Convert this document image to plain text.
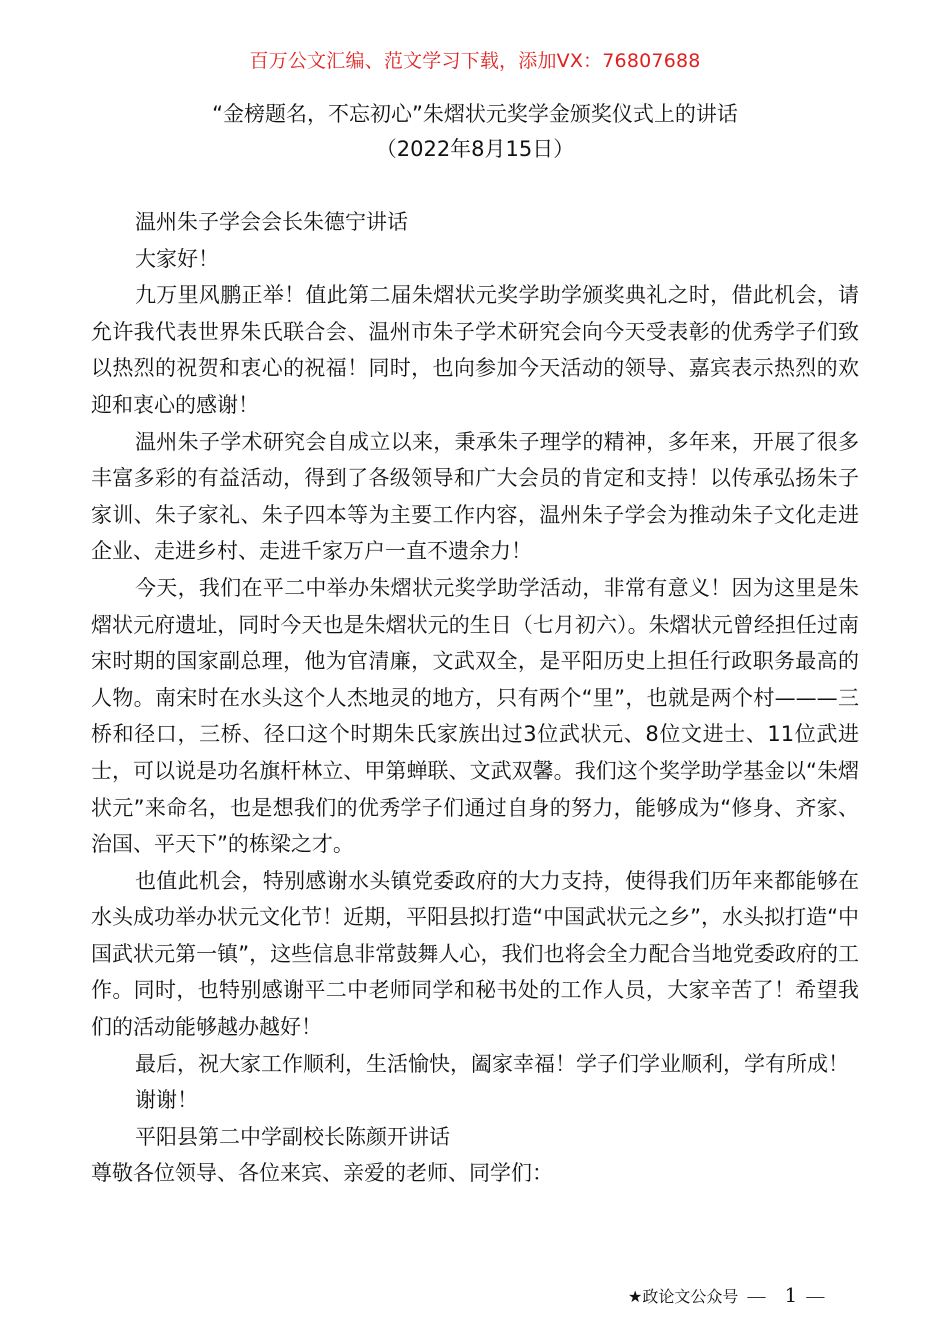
百万公文汇编、范文学习下载，添加VX：76807688
“金榜题名，不忘初心”朱熠状元奖学金颁奖仪式上的讲话
（2022年8月15日）

温州朱子学会会长朱德宁讲话

大家好！

九万里风鹏正举！值此第二届朱熠状元奖学助学颁奖典礼之时，借此机会，请允许我代表世界朱氏联合会、温州市朱子学术研究会向今天受表彰的优秀学子们致以热烈的祝贺和衷心的祝福！同时，也向参加今天活动的领导、嘉宾表示热烈的欢迎和衷心的感谢！

温州朱子学术研究会自成立以来，秉承朱子理学的精神，多年来，开展了很多丰富多彩的有益活动，得到了各级领导和广大会员的肯定和支持！以传承弘扬朱子家训、朱子家礼、朱子四本等为主要工作内容，温州朱子学会为推动朱子文化走进企业、走进乡村、走进千家万户一直不遗余力！

今天，我们在平二中举办朱熠状元奖学助学活动，非常有意义！因为这里是朱熠状元府遗址，同时今天也是朱熠状元的生日（七月初六）。朱熠状元曾经担任过南宋时期的国家副总理，他为官清廉，文武双全，是平阳历史上担任行政职务最高的人物。南宋时在水头这个人杰地灵的地方，只有两个“里”，也就是两个村———三桥和径口，三桥、径口这个时期朱氏家族出过3位武状元、8位文进士、11位武进士，可以说是功名旗杆林立、甲第蝉联、文武双馨。我们这个奖学助学基金以“朱熠状元”来命名，也是想我们的优秀学子们通过自身的努力，能够成为“修身、齐家、治国、平天下”的栋梁之才。

也值此机会，特别感谢水头镇党委政府的大力支持，使得我们历年来都能够在水头成功举办状元文化节！近期，平阳县拟打造“中国武状元之乡”，水头拟打造“中国武状元第一镇”，这些信息非常鼓舞人心，我们也将会全力配合当地党委政府的工作。同时，也特别感谢平二中老师同学和秘书处的工作人员，大家辛苦了！希望我们的活动能够越办越好！

最后，祝大家工作顺利，生活愉快，阖家幸福！学子们学业顺利，学有所成！

谢谢！

平阳县第二中学副校长陈颜开讲话

尊敬各位领导、各位来宾、亲爱的老师、同学们：

★政论文公众号 — 1 —
